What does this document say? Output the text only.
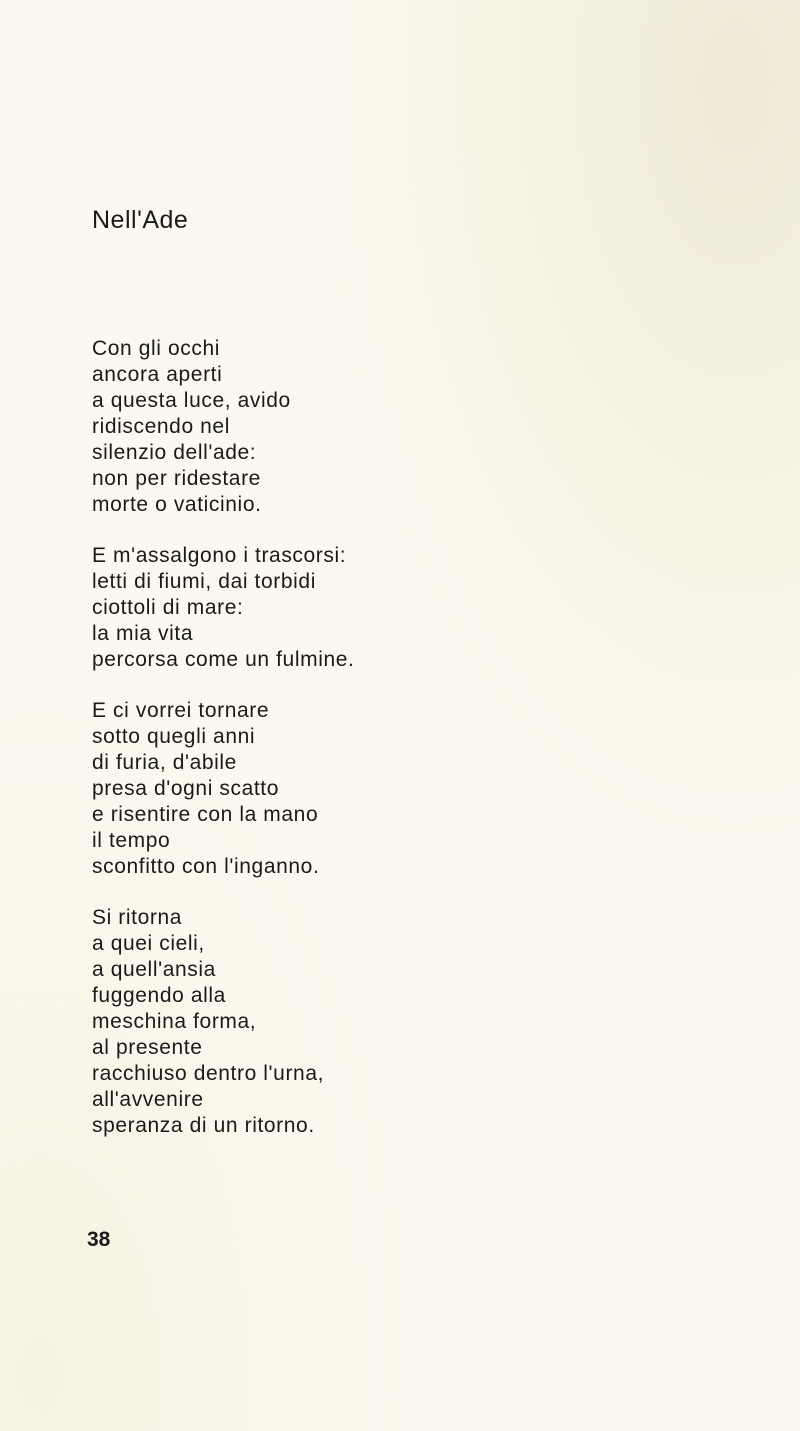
Nell'Ade
Con gli occhi
ancora aperti
a questa luce, avido
ridiscendo nel
silenzio dell'ade:
non per ridestare
morte o vaticinio.
E m'assalgono i trascorsi:
letti di fiumi, dai torbidi
ciottoli di mare:
la mia vita
percorsa come un fulmine.
E ci vorrei tornare
sotto quegli anni
di furia, d'abile
presa d'ogni scatto
e risentire con la mano
il tempo
sconfitto con l'inganno.
Si ritorna
a quei cieli,
a quell'ansia
fuggendo alla
meschina forma,
al presente
racchiuso dentro l'urna,
all'avvenire
speranza di un ritorno.
38
